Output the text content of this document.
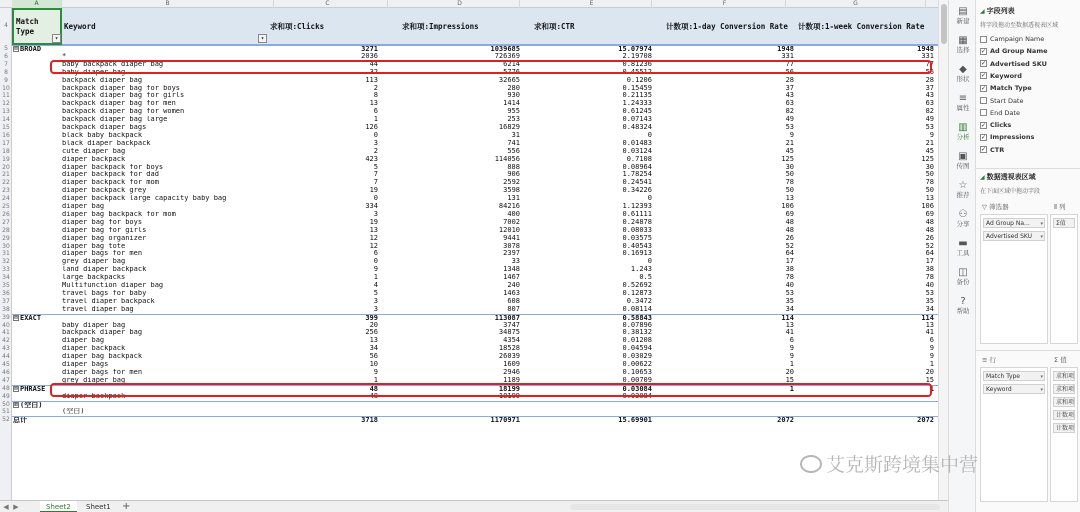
A	B	C	D	E	F	G
4
5
6
7
8
9
10
11
12
13
14
15
16
17
18
19
20
21
22
23
24
25
26
27
28
29
30
31
32
33
34
35
36
37
38
39
40
41
42
43
44
45
46
47
48
49
50
51
52
Match
Type
▾
Keyword
▾
求和项:Clicks	求和项:Impressions	求和项:CTR	计数项:1-day Conversion Rate	计数项:1-week Conversion Rate
⊟ BROAD	3271	1039685	15.07974	1948	1948
*	2036	726369	2.19708	331	331
baby backpack diaper bag	44	6214	0.81236	77	77
baby diaper bag	32	5776	0.45512	56	56
backpack diaper bag	113	32665	0.1206	28	28
backpack diaper bag for boys	2	280	0.15459	37	37
backpack diaper bag for girls	8	930	0.21135	43	43
backpack diaper bag for men	13	1414	1.24333	63	63
backpack diaper bag for women	6	955	0.61245	82	82
backpack diaper bag large	1	253	0.07143	49	49
backpack diaper bags	126	16829	0.48324	53	53
black baby backpack	0	31	0	9	9
black diaper backpack	3	741	0.01483	21	21
cute diaper bag	2	556	0.03124	45	45
diaper backpack	423	114056	0.7108	125	125
diaper backpack for boys	5	888	0.08964	30	30
diaper backpack for dad	7	906	1.78254	50	50
diaper backpack for mom	7	2592	0.24541	78	78
diaper backpack grey	19	3598	0.34226	50	50
diaper backpack large capacity baby bag	0	131	0	13	13
diaper bag	334	84216	1.12393	106	106
diaper bag backpack for mom	3	400	0.61111	69	69
diaper bag for boys	19	7002	0.24878	48	48
diaper bag for girls	13	12010	0.08033	48	48
diaper bag organizer	12	9441	0.03575	26	26
diaper bag tote	12	3078	0.40543	52	52
diaper bags for men	6	2397	0.16913	64	64
grey diaper bag	0	33	0	17	17
land diaper backpack	9	1348	1.243	38	38
large backpacks	1	1467	0.5	78	78
Multifunction diaper bag	4	240	0.52692	40	40
travel bags for baby	5	1463	0.12873	53	53
travel diaper backpack	3	608	0.3472	35	35
travel diaper bag	3	807	0.08114	34	34
⊟ EXACT	399	113087	0.58843	114	114
baby diaper bag	20	3747	0.07896	13	13
backpack diaper bag	256	34875	0.38132	41	41
diaper bag	13	4354	0.01208	6	6
diaper backpack	34	18528	0.04594	9	9
diaper bag backpack	56	26039	0.03029	9	9
diaper bags	10	1609	0.00622	1	1
diaper bags for men	9	2946	0.10653	20	20
grey diaper bag	1	1189	0.00709	15	15
⊟ PHRASE	48	18199	0.03084	1	1
diaper backpack	48	18199	0.03084
⊞ (空白)
(空白)
总计	3718	1170971	15.69901	2072	2072
◀ ▶	Sheet2	Sheet1	+
▤
新建
▦
选择
◆
形状
≡
属性
▥
分析
▣
传图
☆
推荐
⚇
分享
▬
工具
◫
备份
?
帮助
◢ 字段列表
将字段拖动至数据透视表区域
Campaign Name
✓ Ad Group Name
✓ Advertised SKU
✓ Keyword
✓ Match Type
Start Date
End Date
✓ Clicks
✓ Impressions
✓ CTR
◢ 数据透视表区域
在下面区域中拖动字段
▽ 筛选器	⦀ 列
Ad Group Na... ▾
Advertised SKU ▾
Σ值
≡ 行	Σ 值
Match Type	▾
Keyword	▾
求和项
求和项
求和项
计数项
计数项
艾克斯跨境集中营
